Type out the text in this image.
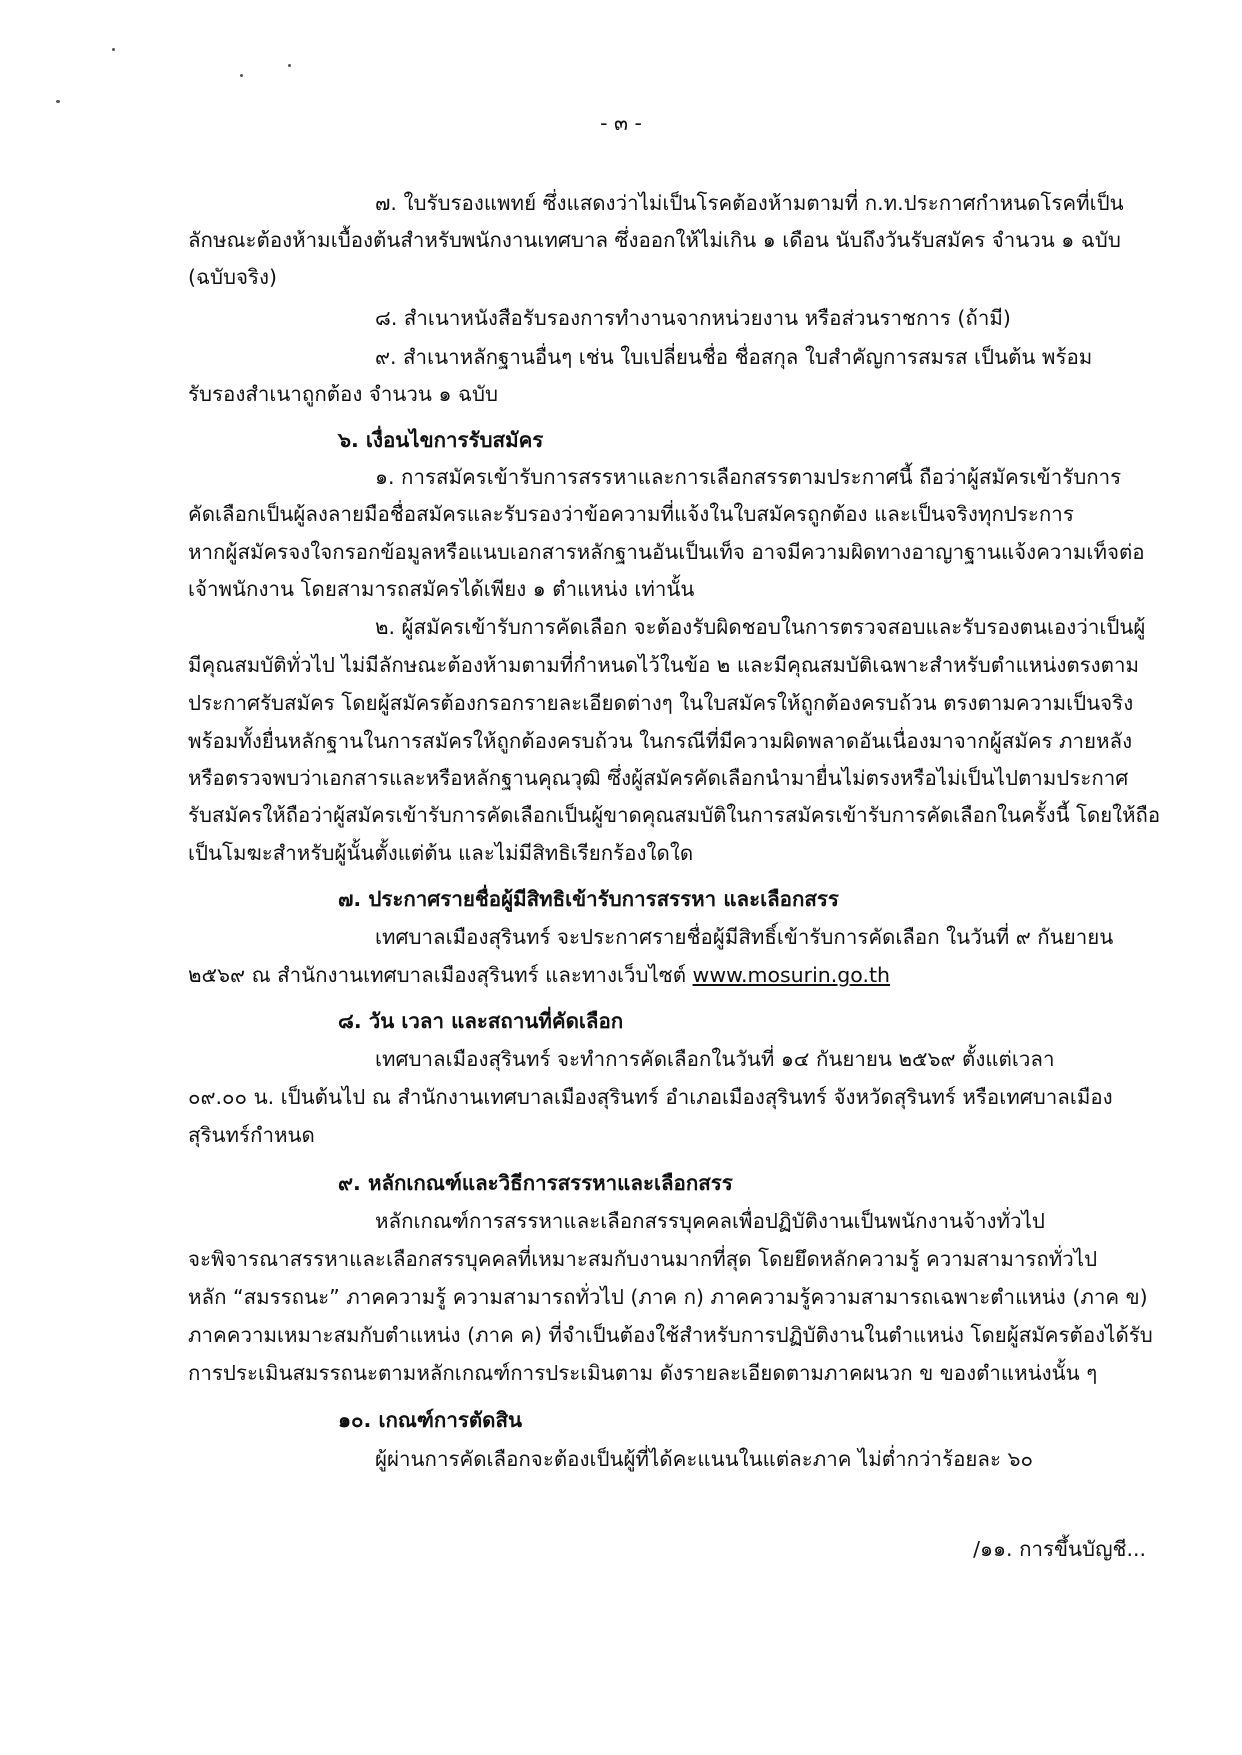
- ๓ -
๗. ใบรับรองแพทย์ ซึ่งแสดงว่าไม่เป็นโรคต้องห้ามตามที่ ก.ท.ประกาศกำหนดโรคที่เป็น
ลักษณะต้องห้ามเบื้องต้นสำหรับพนักงานเทศบาล ซึ่งออกให้ไม่เกิน ๑ เดือน นับถึงวันรับสมัคร จำนวน ๑ ฉบับ
(ฉบับจริง)
๘. สำเนาหนังสือรับรองการทำงานจากหน่วยงาน หรือส่วนราชการ (ถ้ามี)
๙. สำเนาหลักฐานอื่นๆ เช่น ใบเปลี่ยนชื่อ ชื่อสกุล ใบสำคัญการสมรส เป็นต้น พร้อม
รับรองสำเนาถูกต้อง จำนวน ๑ ฉบับ
๖. เงื่อนไขการรับสมัคร
๑. การสมัครเข้ารับการสรรหาและการเลือกสรรตามประกาศนี้ ถือว่าผู้สมัครเข้ารับการ
คัดเลือกเป็นผู้ลงลายมือชื่อสมัครและรับรองว่าข้อความที่แจ้งในใบสมัครถูกต้อง และเป็นจริงทุกประการ
หากผู้สมัครจงใจกรอกข้อมูลหรือแนบเอกสารหลักฐานอันเป็นเท็จ อาจมีความผิดทางอาญาฐานแจ้งความเท็จต่อ
เจ้าพนักงาน โดยสามารถสมัครได้เพียง ๑ ตำแหน่ง เท่านั้น
๒. ผู้สมัครเข้ารับการคัดเลือก จะต้องรับผิดชอบในการตรวจสอบและรับรองตนเองว่าเป็นผู้
มีคุณสมบัติทั่วไป ไม่มีลักษณะต้องห้ามตามที่กำหนดไว้ในข้อ ๒ และมีคุณสมบัติเฉพาะสำหรับตำแหน่งตรงตาม
ประกาศรับสมัคร โดยผู้สมัครต้องกรอกรายละเอียดต่างๆ ในใบสมัครให้ถูกต้องครบถ้วน ตรงตามความเป็นจริง
พร้อมทั้งยื่นหลักฐานในการสมัครให้ถูกต้องครบถ้วน ในกรณีที่มีความผิดพลาดอันเนื่องมาจากผู้สมัคร ภายหลัง
หรือตรวจพบว่าเอกสารและหรือหลักฐานคุณวุฒิ ซึ่งผู้สมัครคัดเลือกนำมายื่นไม่ตรงหรือไม่เป็นไปตามประกาศ
รับสมัครให้ถือว่าผู้สมัครเข้ารับการคัดเลือกเป็นผู้ขาดคุณสมบัติในการสมัครเข้ารับการคัดเลือกในครั้งนี้ โดยให้ถือ
เป็นโมฆะสำหรับผู้นั้นตั้งแต่ต้น และไม่มีสิทธิเรียกร้องใดใด
๗. ประกาศรายชื่อผู้มีสิทธิเข้ารับการสรรหา และเลือกสรร
เทศบาลเมืองสุรินทร์ จะประกาศรายชื่อผู้มีสิทธิ์เข้ารับการคัดเลือก ในวันที่ ๙ กันยายน
๒๕๖๙ ณ สำนักงานเทศบาลเมืองสุรินทร์ และทางเว็บไซต์ www.mosurin.go.th
๘. วัน เวลา และสถานที่คัดเลือก
เทศบาลเมืองสุรินทร์ จะทำการคัดเลือกในวันที่ ๑๔ กันยายน ๒๕๖๙ ตั้งแต่เวลา
๐๙.๐๐ น. เป็นต้นไป ณ สำนักงานเทศบาลเมืองสุรินทร์ อำเภอเมืองสุรินทร์ จังหวัดสุรินทร์ หรือเทศบาลเมือง
สุรินทร์กำหนด
๙. หลักเกณฑ์และวิธีการสรรหาและเลือกสรร
หลักเกณฑ์การสรรหาและเลือกสรรบุคคลเพื่อปฏิบัติงานเป็นพนักงานจ้างทั่วไป
จะพิจารณาสรรหาและเลือกสรรบุคคลที่เหมาะสมกับงานมากที่สุด โดยยึดหลักความรู้ ความสามารถทั่วไป
หลัก “สมรรถนะ” ภาคความรู้ ความสามารถทั่วไป (ภาค ก) ภาคความรู้ความสามารถเฉพาะตำแหน่ง (ภาค ข)
ภาคความเหมาะสมกับตำแหน่ง (ภาค ค) ที่จำเป็นต้องใช้สำหรับการปฏิบัติงานในตำแหน่ง โดยผู้สมัครต้องได้รับ
การประเมินสมรรถนะตามหลักเกณฑ์การประเมินตาม ดังรายละเอียดตามภาคผนวก ข ของตำแหน่งนั้น ๆ
๑๐. เกณฑ์การตัดสิน
ผู้ผ่านการคัดเลือกจะต้องเป็นผู้ที่ได้คะแนนในแต่ละภาค ไม่ต่ำกว่าร้อยละ ๖๐
/๑๑. การขึ้นบัญชี...
